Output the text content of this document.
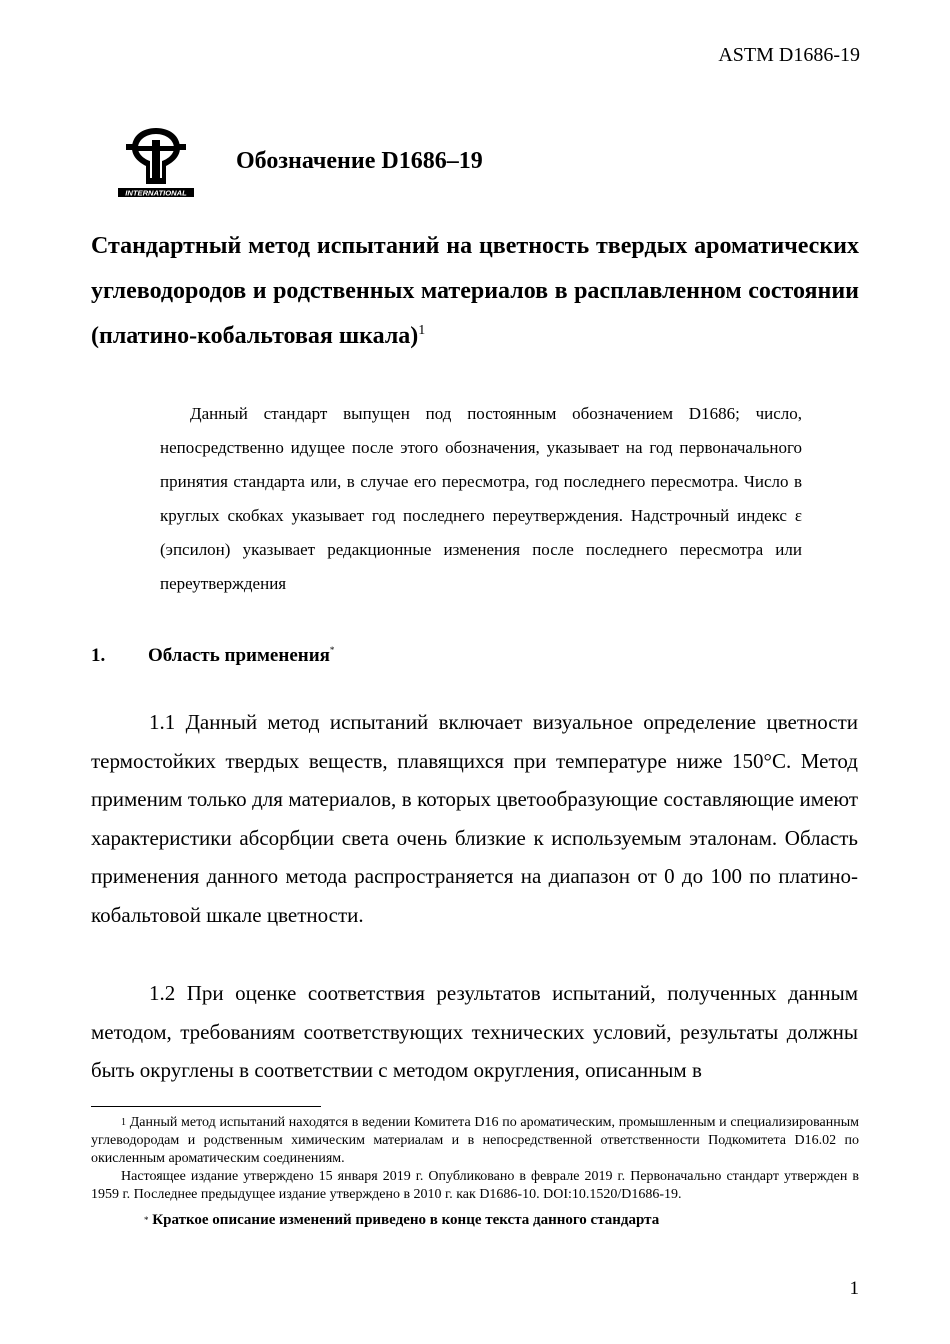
ASTM D1686-19
INTERNATIONAL
Обозначение D1686–19
Стандартный метод испытаний на цветность твердых ароматических углеводородов и родственных материалов в расплавленном состоянии (платино-кобальтовая шкала)$^1$
Данный стандарт выпущен под постоянным обозначением D1686; число, непосредственно идущее после этого обозначения, указывает на год первоначального принятия стандарта или, в случае его пересмотра, год последнего пересмотра. Число в круглых скобках указывает год последнего переутверждения. Надстрочный индекс ε (эпсилон) указывает редакционные изменения после последнего пересмотра или переутверждения
1. Область применения*
1.1 Данный метод испытаний включает визуальное определение цветности термостойких твердых веществ, плавящихся при температуре ниже 150°C. Метод применим только для материалов, в которых цветообразующие составляющие имеют характеристики абсорбции света очень близкие к используемым эталонам. Область применения данного метода распространяется на диапазон от 0 до 100 по платино-кобальтовой шкале цветности.
1.2 При оценке соответствия результатов испытаний, полученных данным методом, требованиям соответствующих технических условий, результаты должны быть округлены в соответствии с методом округления, описанным в
$^1$ Данный метод испытаний находятся в ведении Комитета D16 по ароматическим, промышленным и специализированным углеводородам и родственным химическим материалам и в непосредственной ответственности Подкомитета D16.02 по окисленным ароматическим соединениям.
Настоящее издание утверждено 15 января 2019 г. Опубликовано в феврале 2019 г. Первоначально стандарт утвержден в 1959 г. Последнее предыдущее издание утверждено в 2010 г. как D1686-10. DOI:10.1520/D1686-19.
* Краткое описание изменений приведено в конце текста данного стандарта
1
